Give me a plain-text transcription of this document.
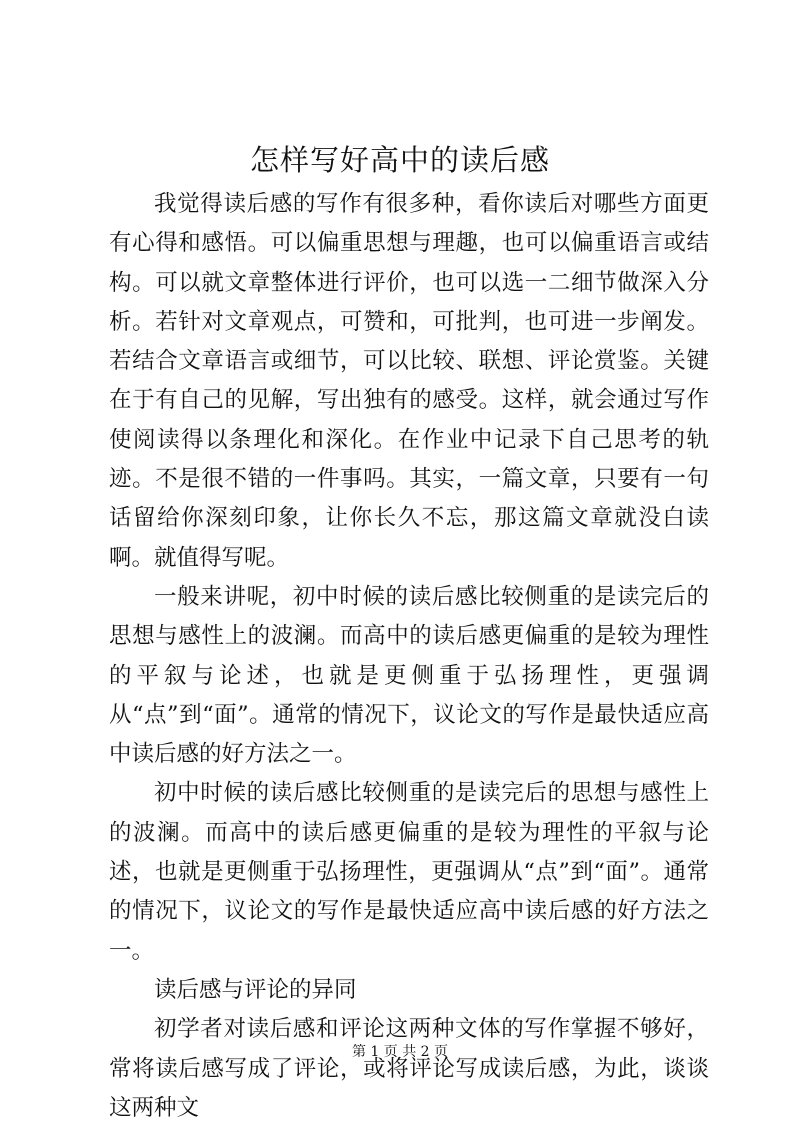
怎样写好高中的读后感

我觉得读后感的写作有很多种，看你读后对哪些方面更有心得和感悟。可以偏重思想与理趣，也可以偏重语言或结构。可以就文章整体进行评价，也可以选一二细节做深入分析。若针对文章观点，可赞和，可批判，也可进一步阐发。若结合文章语言或细节，可以比较、联想、评论赏鉴。关键在于有自己的见解，写出独有的感受。这样，就会通过写作使阅读得以条理化和深化。在作业中记录下自己思考的轨迹。不是很不错的一件事吗。其实，一篇文章，只要有一句话留给你深刻印象，让你长久不忘，那这篇文章就没白读啊。就值得写呢。

一般来讲呢，初中时候的读后感比较侧重的是读完后的思想与感性上的波澜。而高中的读后感更偏重的是较为理性的平叙与论述，也就是更侧重于弘扬理性，更强调从“点”到“面”。通常的情况下，议论文的写作是最快适应高中读后感的好方法之一。

初中时候的读后感比较侧重的是读完后的思想与感性上的波澜。而高中的读后感更偏重的是较为理性的平叙与论述，也就是更侧重于弘扬理性，更强调从“点”到“面”。通常的情况下，议论文的写作是最快适应高中读后感的好方法之一。

读后感与评论的异同

初学者对读后感和评论这两种文体的写作掌握不够好，常将读后感写成了评论，或将评论写成读后感，为此，谈谈这两种文

第 1 页 共 2 页
